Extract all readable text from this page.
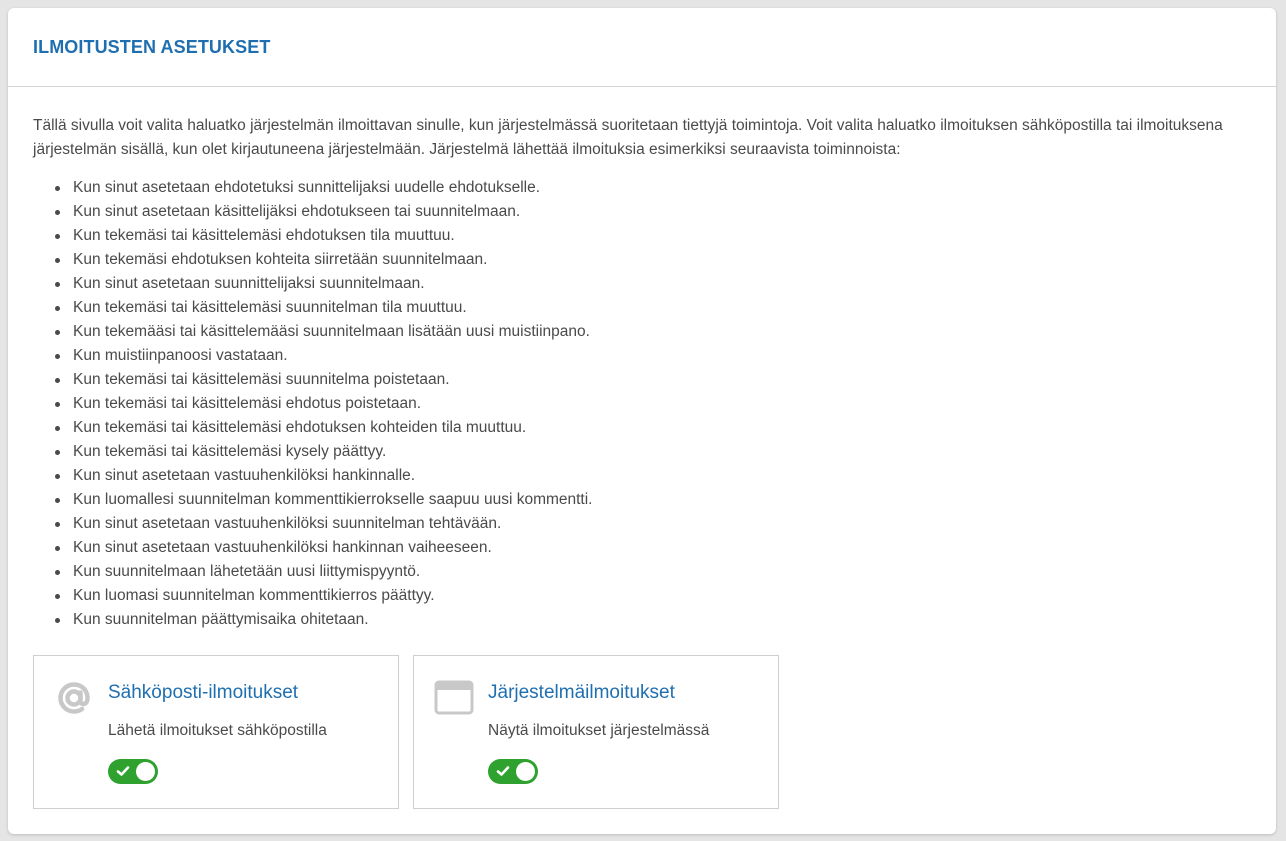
ILMOITUSTEN ASETUKSET

Tällä sivulla voit valita haluatko järjestelmän ilmoittavan sinulle, kun järjestelmässä suoritetaan tiettyjä toimintoja. Voit valita haluatko ilmoituksen sähköpostilla tai ilmoituksena järjestelmän sisällä, kun olet kirjautuneena järjestelmään. Järjestelmä lähettää ilmoituksia esimerkiksi seuraavista toiminnoista:

Kun sinut asetetaan ehdotetuksi sunnittelijaksi uudelle ehdotukselle.
Kun sinut asetetaan käsittelijäksi ehdotukseen tai suunnitelmaan.
Kun tekemäsi tai käsittelemäsi ehdotuksen tila muuttuu.
Kun tekemäsi ehdotuksen kohteita siirretään suunnitelmaan.
Kun sinut asetetaan suunnittelijaksi suunnitelmaan.
Kun tekemäsi tai käsittelemäsi suunnitelman tila muuttuu.
Kun tekemääsi tai käsittelemääsi suunnitelmaan lisätään uusi muistiinpano.
Kun muistiinpanoosi vastataan.
Kun tekemäsi tai käsittelemäsi suunnitelma poistetaan.
Kun tekemäsi tai käsittelemäsi ehdotus poistetaan.
Kun tekemäsi tai käsittelemäsi ehdotuksen kohteiden tila muuttuu.
Kun tekemäsi tai käsittelemäsi kysely päättyy.
Kun sinut asetetaan vastuuhenkilöksi hankinnalle.
Kun luomallesi suunnitelman kommenttikierrokselle saapuu uusi kommentti.
Kun sinut asetetaan vastuuhenkilöksi suunnitelman tehtävään.
Kun sinut asetetaan vastuuhenkilöksi hankinnan vaiheeseen.
Kun suunnitelmaan lähetetään uusi liittymispyyntö.
Kun luomasi suunnitelman kommenttikierros päättyy.
Kun suunnitelman päättymisaika ohitetaan.
Sähköposti-ilmoitukset

Lähetä ilmoitukset sähköpostilla

Järjestelmäilmoitukset

Näytä ilmoitukset järjestelmässä
